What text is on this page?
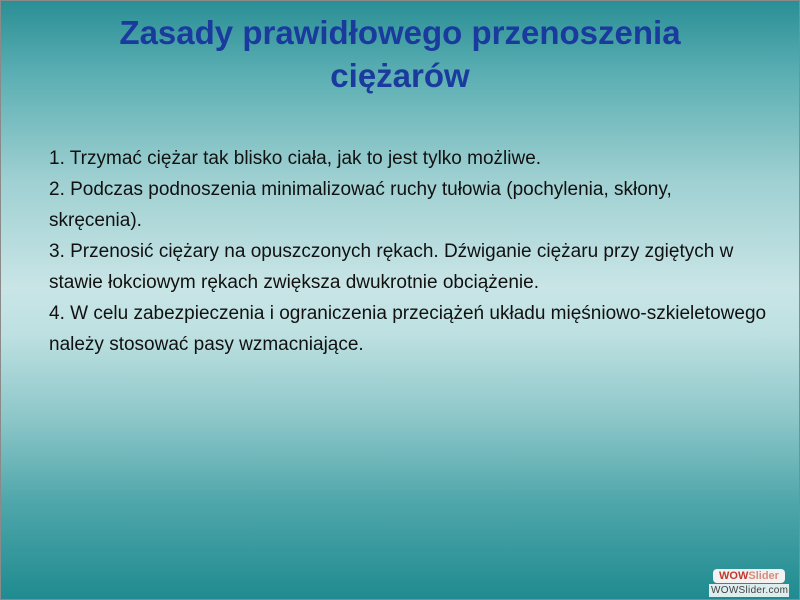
Zasady prawidłowego przenoszenia
ciężarów

1. Trzymać ciężar tak blisko ciała, jak to jest tylko możliwe.

2. Podczas podnoszenia minimalizować ruchy tułowia (pochylenia, skłony, skręcenia).

3. Przenosić ciężary na opuszczonych rękach. Dźwiganie ciężaru przy zgiętych w stawie łokciowym rękach zwiększa dwukrotnie obciążenie.

4. W celu zabezpieczenia i ograniczenia przeciążeń układu mięśniowo-szkieletowego należy stosować pasy wzmacniające.

WOWSlider
WOWSlider.com
